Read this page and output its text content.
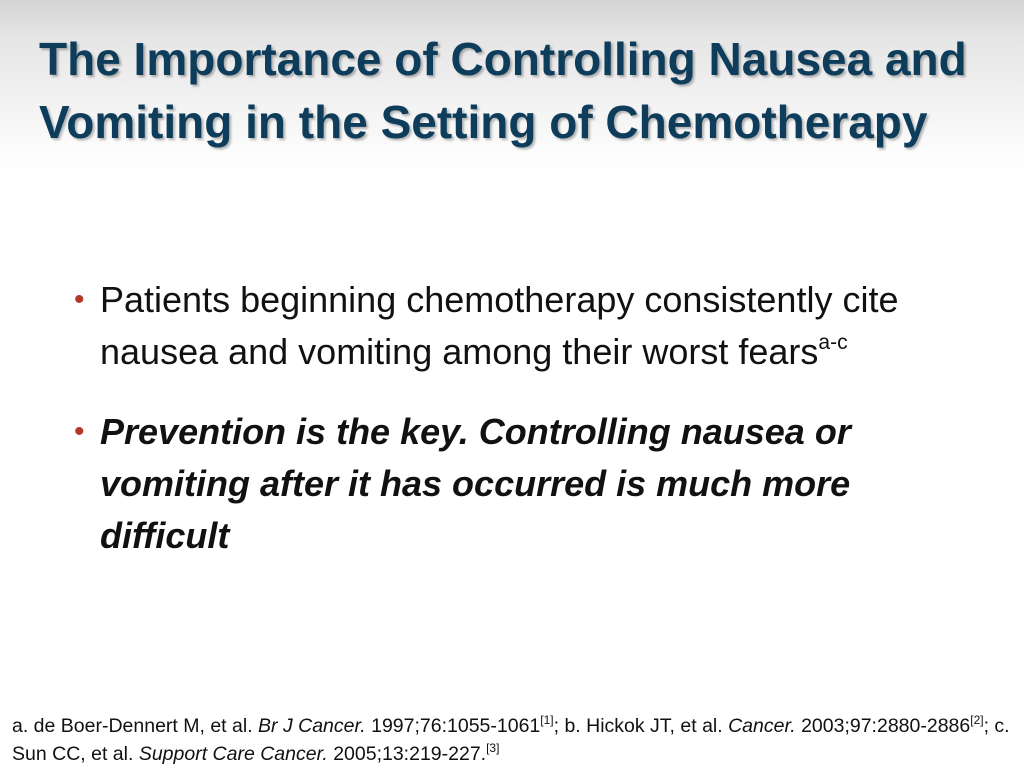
The Importance of Controlling Nausea and Vomiting in the Setting of Chemotherapy
• Patients beginning chemotherapy consistently cite nausea and vomiting among their worst fears$^{a-c}$
• Prevention is the key. Controlling nausea or vomiting after it has occurred is much more difficult

a. de Boer-Dennert M, et al. Br J Cancer. 1997;76:1055-1061[1]; b. Hickok JT, et al. Cancer. 2003;97:2880-2886[2]; c. Sun CC, et al. Support Care Cancer. 2005;13:219-227.[3]
